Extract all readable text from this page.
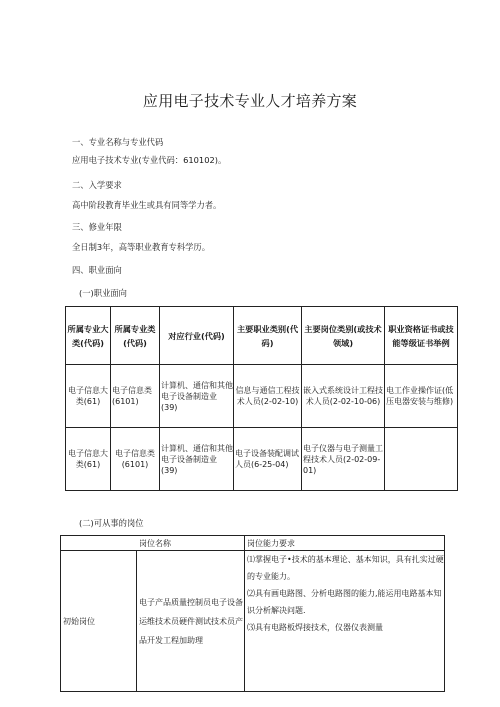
应用电子技术专业人才培养方案
一、专业名称与专业代码
应用电子技术专业(专业代码：610102)。
二、入学要求
高中阶段教育毕业生或具有同等学力者。
三、修业年限
全日制3年，高等职业教育专科学历。
四、职业面向
(一)职业面向
所属专业大类(代码)	所属专业类(代码)	对应行业(代码)	主要职业类别(代码)	主要岗位类别(或技术领域)	职业资格证书或技能等级证书举例
电子信息大类(61)	电子信息类(6101)	计算机、通信和其他电子设备制造业(39)	信息与通信工程技术人员(2-02-10)	嵌入式系统设计工程技术人员(2-02-10-06)	电工作业操作证(低压电器安装与维修)
电子信息大类(61)	电子信息类(6101)	计算机、通信和其他电子设备制造业(39)	电子设备装配调试人员(6-25-04)	电子仪器与电子测量工程技术人员(2-02-09-01)	
(二)可从事的岗位
岗位名称		岗位能力要求
初始岗位	电子产品质量控制员电子设备运维技术员硬件测试技术员产品开发工程加助理	⑴掌握电子•技术的基本理论、基本知识，具有扎实过硬的专业能力。
⑵具有画电路图、分析电路图的能力,能运用电路基本知识分析解决问题.
⑶具有电路板焊接技术，仪器仪表测量
